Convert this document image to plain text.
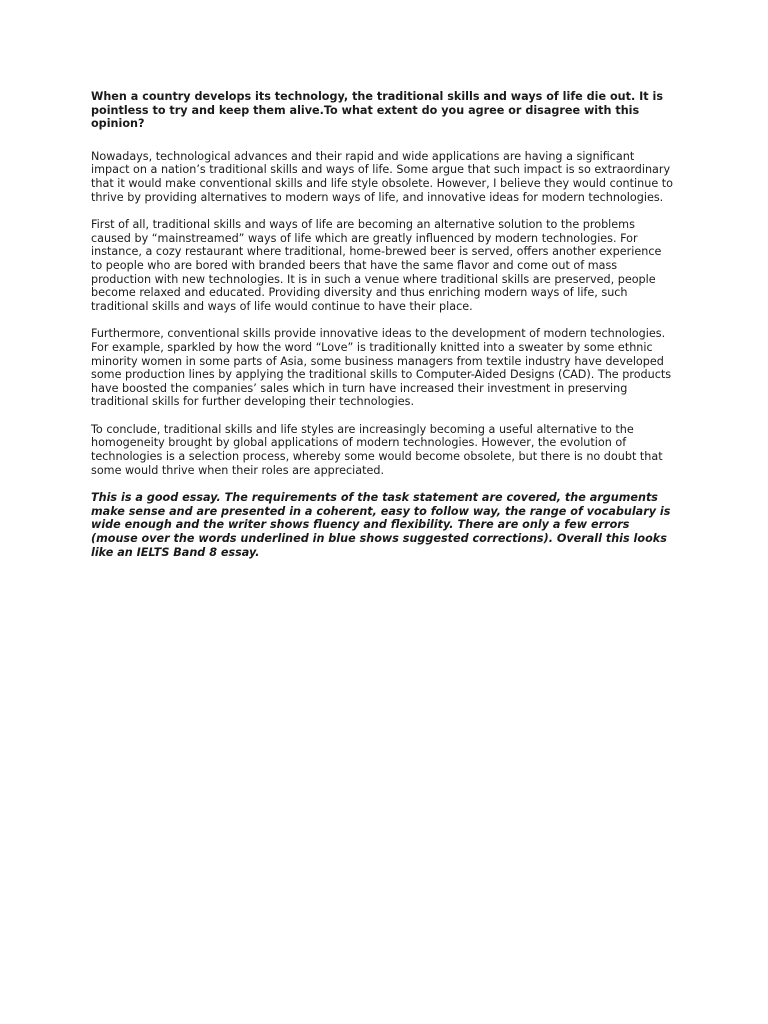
When a country develops its technology, the traditional skills and ways of life die out. It is pointless to try and keep them alive.To what extent do you agree or disagree with this opinion?

Nowadays, technological advances and their rapid and wide applications are having a significant impact on a nation’s traditional skills and ways of life. Some argue that such impact is so extraordinary that it would make conventional skills and life style obsolete. However, I believe they would continue to thrive by providing alternatives to modern ways of life, and innovative ideas for modern technologies.

First of all, traditional skills and ways of life are becoming an alternative solution to the problems caused by “mainstreamed” ways of life which are greatly influenced by modern technologies. For instance, a cozy restaurant where traditional, home-brewed beer is served, offers another experience to people who are bored with branded beers that have the same flavor and come out of mass production with new technologies. It is in such a venue where traditional skills are preserved, people become relaxed and educated. Providing diversity and thus enriching modern ways of life, such traditional skills and ways of life would continue to have their place.

Furthermore, conventional skills provide innovative ideas to the development of modern technologies. For example, sparkled by how the word “Love” is traditionally knitted into a sweater by some ethnic minority women in some parts of Asia, some business managers from textile industry have developed some production lines by applying the traditional skills to Computer-Aided Designs (CAD). The products have boosted the companies’ sales which in turn have increased their investment in preserving traditional skills for further developing their technologies.

To conclude, traditional skills and life styles are increasingly becoming a useful alternative to the homogeneity brought by global applications of modern technologies. However, the evolution of technologies is a selection process, whereby some would become obsolete, but there is no doubt that some would thrive when their roles are appreciated.

This is a good essay. The requirements of the task statement are covered, the arguments make sense and are presented in a coherent, easy to follow way, the range of vocabulary is wide enough and the writer shows fluency and flexibility. There are only a few errors (mouse over the words underlined in blue shows suggested corrections). Overall this looks like an IELTS Band 8 essay.
